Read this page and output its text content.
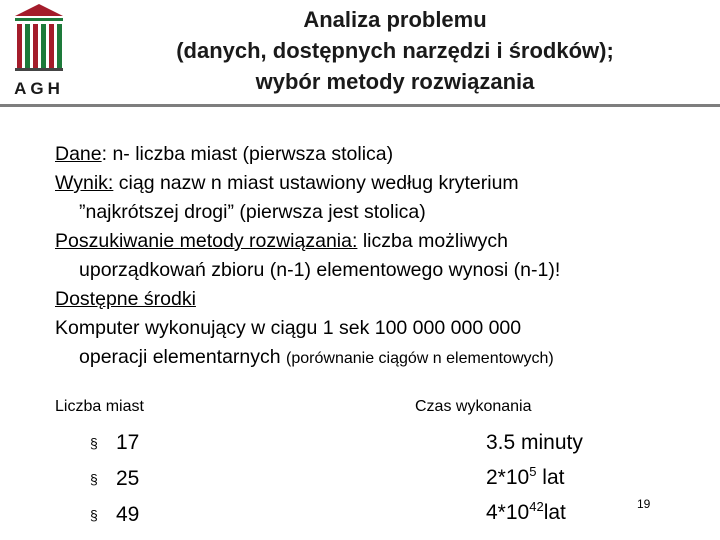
AGH
Analiza problemu
(danych, dostępnych narzędzi i środków);
wybór metody rozwiązania
Dane: n- liczba miast (pierwsza stolica)
Wynik: ciąg nazw n miast ustawiony według kryterium
”najkrótszej drogi” (pierwsza jest stolica)
Poszukiwanie metody rozwiązania: liczba możliwych
uporządkowań zbioru (n-1) elementowego wynosi (n-1)!
Dostępne środki
Komputer wykonujący w ciągu 1 sek 100 000 000 000
operacji elementarnych (porównanie ciągów n elementowych)
Liczba miast	Czas wykonania
§ 17
§ 25
§ 49
3.5 minuty
$2*10^5$ lat
$4*10^{42}lat$	19
